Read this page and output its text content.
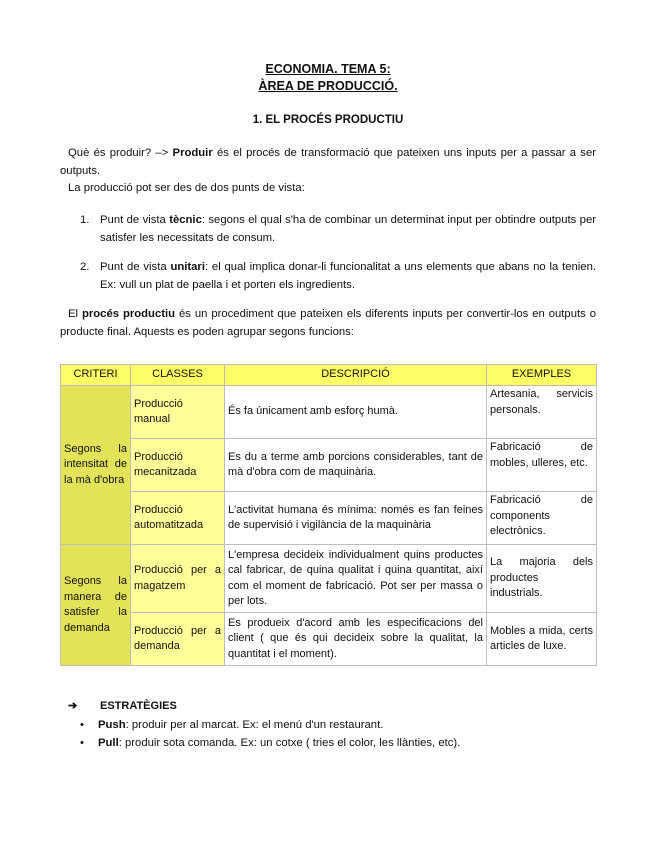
ECONOMIA. TEMA 5:
ÀREA DE PRODUCCIÓ.
1. EL PROCÉS PRODUCTIU
Què és produir? –> Produir és el procés de transformació que pateixen uns inputs per a passar a ser outputs.
La producció pot ser des de dos punts de vista:
1. Punt de vista tècnic: segons el qual s'ha de combinar un determinat input per obtindre outputs per satisfer les necessitats de consum.
2. Punt de vista unitari: el qual implica donar-li funcionalitat a uns elements que abans no la tenien. Ex: vull un plat de paella i et porten els ingredients.
El procés productiu és un procediment que pateixen els diferents inputs per convertir-los en outputs o producte final. Aquests es poden agrupar segons funcions:
CRITERI	CLASSES	DESCRIPCIÓ	EXEMPLES
Segons la intensitat de la mà d'obra	Producció manual	És fa únicament amb esforç humà.	Artesania, servicis personals.
	Producció mecanitzada	Es du a terme amb porcions considerables, tant de mà d'obra com de maquinària.	Fabricació de mobles, ulleres, etc.
	Producció automatitzada	L'activitat humana és mínima: només es fan feines de supervisió i vigilància de la maquinària	Fabricació de components electrònics.
Segons la manera de satisfer la demanda	Producció per a magatzem	L'empresa decideix individualment quins productes cal fabricar, de quina qualitat i quina quantitat, així com el moment de fabricació. Pot ser per massa o per lots.	La majoria dels productes industrials.
	Producció per a demanda	Es produeix d'acord amb les especificacions del client ( que és qui decideix sobre la qualitat, la quantitat i el moment).	Mobles a mida, certs articles de luxe.
➔ ESTRATÈGIES
• Push: produir per al marcat. Ex: el menú d'un restaurant.
• Pull: produir sota comanda. Ex: un cotxe ( tries el color, les llànties, etc).
